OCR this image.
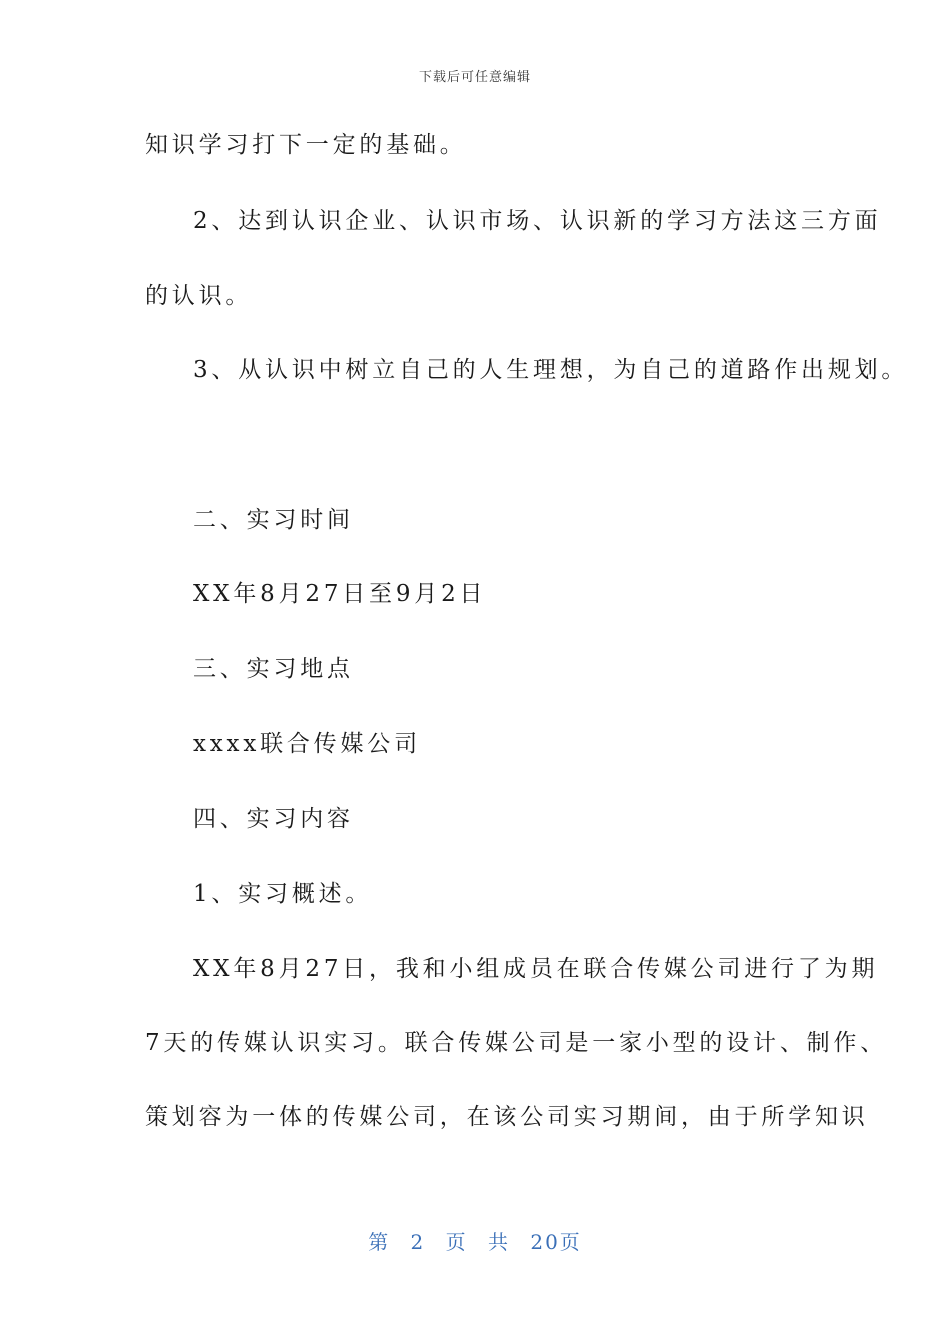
下载后可任意编辑
知识学习打下一定的基础。
2、达到认识企业、认识市场、认识新的学习方法这三方面
的认识。
3、从认识中树立自己的人生理想，为自己的道路作出规划。
二、实习时间
XX年8月27日至9月2日
三、实习地点
xxxx联合传媒公司
四、实习内容
1、实习概述。
XX年8月27日，我和小组成员在联合传媒公司进行了为期
7天的传媒认识实习。联合传媒公司是一家小型的设计、制作、
策划容为一体的传媒公司，在该公司实习期间，由于所学知识
第 2 页 共 20页
